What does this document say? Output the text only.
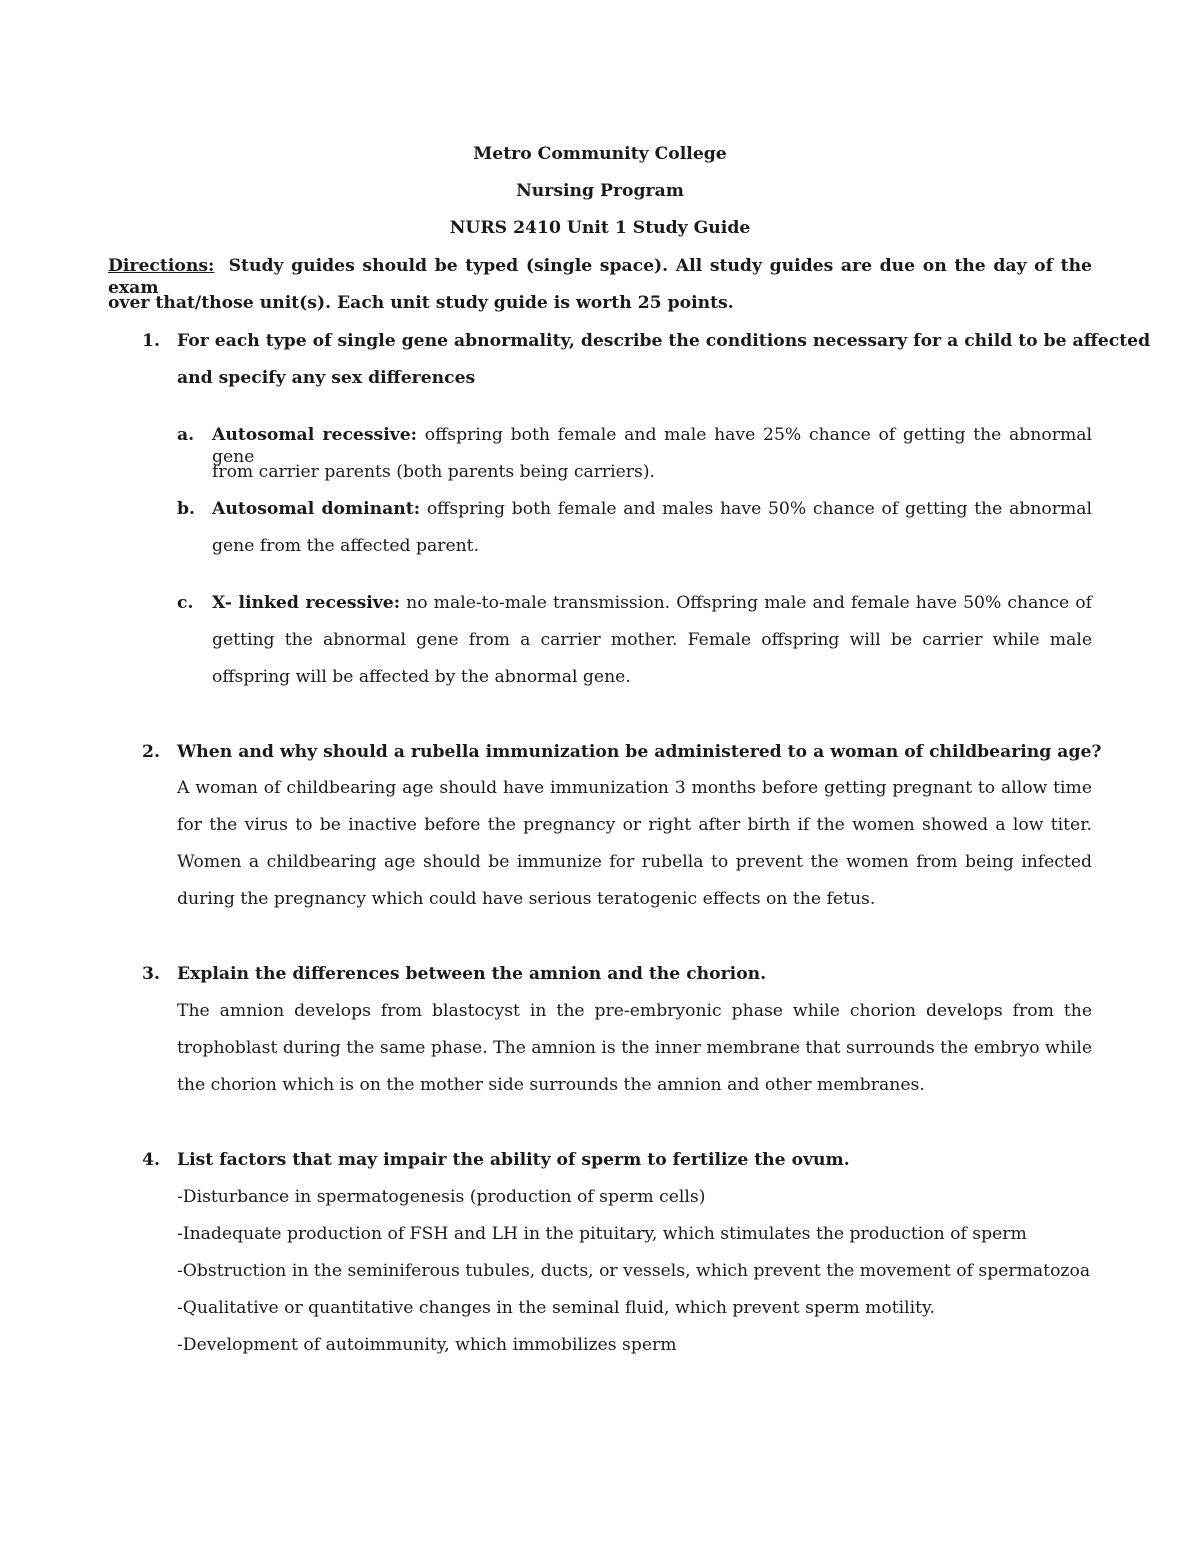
Metro Community College
Nursing Program
NURS 2410 Unit 1 Study Guide
Directions: Study guides should be typed (single space). All study guides are due on the day of the exam
over that/those unit(s). Each unit study guide is worth 25 points.
1. For each type of single gene abnormality, describe the conditions necessary for a child to be affected
and specify any sex differences
a. Autosomal recessive: offspring both female and male have 25% chance of getting the abnormal gene
from carrier parents (both parents being carriers).
b. Autosomal dominant: offspring both female and males have 50% chance of getting the abnormal
gene from the affected parent.
c. X- linked recessive: no male-to-male transmission. Offspring male and female have 50% chance of
getting the abnormal gene from a carrier mother. Female offspring will be carrier while male
offspring will be affected by the abnormal gene.
2. When and why should a rubella immunization be administered to a woman of childbearing age?
A woman of childbearing age should have immunization 3 months before getting pregnant to allow time
for the virus to be inactive before the pregnancy or right after birth if the women showed a low titer.
Women a childbearing age should be immunize for rubella to prevent the women from being infected
during the pregnancy which could have serious teratogenic effects on the fetus.
3. Explain the differences between the amnion and the chorion.
The amnion develops from blastocyst in the pre-embryonic phase while chorion develops from the
trophoblast during the same phase. The amnion is the inner membrane that surrounds the embryo while
the chorion which is on the mother side surrounds the amnion and other membranes.
4. List factors that may impair the ability of sperm to fertilize the ovum.
-Disturbance in spermatogenesis (production of sperm cells)
-Inadequate production of FSH and LH in the pituitary, which stimulates the production of sperm
-Obstruction in the seminiferous tubules, ducts, or vessels, which prevent the movement of spermatozoa
-Qualitative or quantitative changes in the seminal fluid, which prevent sperm motility.
-Development of autoimmunity, which immobilizes sperm
